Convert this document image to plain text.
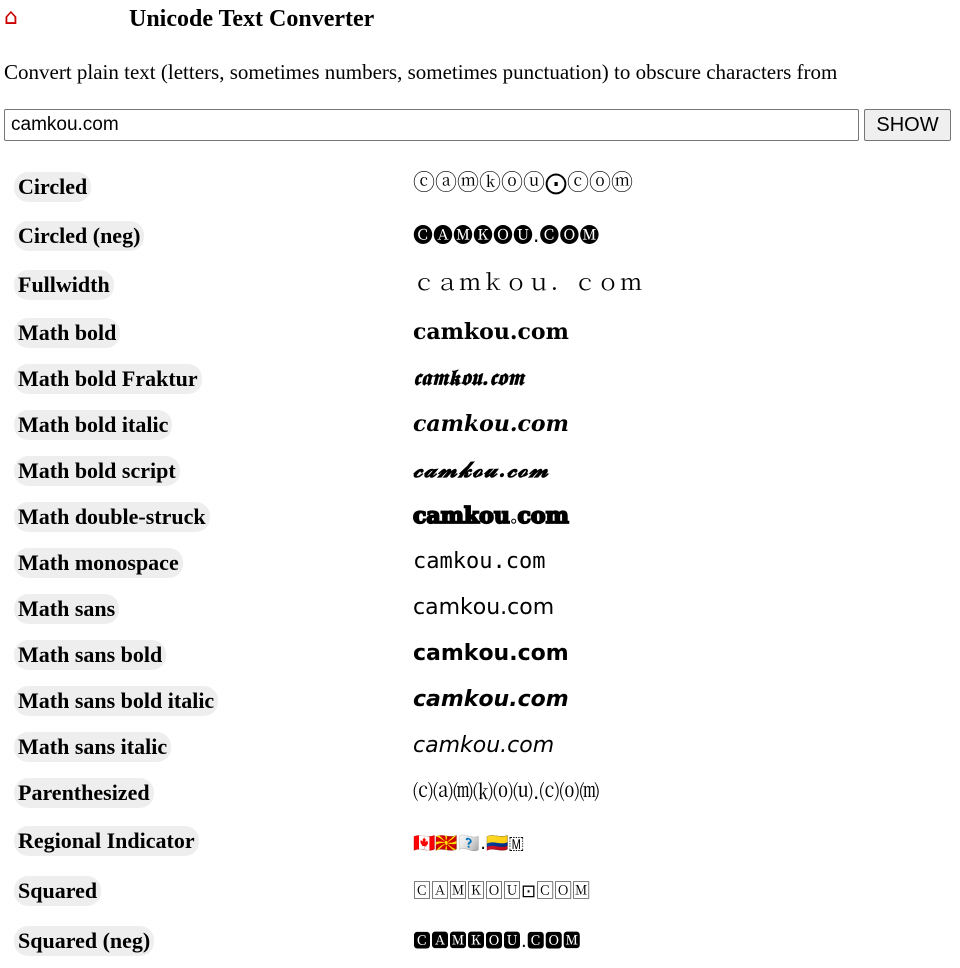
⌂	Unicode Text Converter

Convert plain text (letters, sometimes numbers, sometimes punctuation) to obscure characters from

camkou.com
SHOW
Circled	ⓒⓐⓜⓚⓞⓤ⨀ⓒⓞⓜ
Circled (neg)	🅒🅐🅜🅚🅞🅤.🅒🅞🅜
Fullwidth	ｃａｍｋｏｕ．ｃｏｍ
Math bold	𝐜𝐚𝐦𝐤𝐨𝐮.𝐜𝐨𝐦
Math bold Fraktur	𝖈𝖆𝖒𝖐𝖔𝖚.𝖈𝖔𝖒
Math bold italic	𝒄𝒂𝒎𝒌𝒐𝒖.𝒄𝒐𝒎
Math bold script	𝓬𝓪𝓶𝓴𝓸𝓾.𝓬𝓸𝓶
Math double-struck	𝕔𝕒𝕞𝕜𝕠𝕦.𝕔𝕠𝕞
Math monospace	𝚌𝚊𝚖𝚔𝚘𝚞.𝚌𝚘𝚖
Math sans	𝖼𝖺𝗆𝗄𝗈𝗎.𝖼𝗈𝗆
Math sans bold	𝗰𝗮𝗺𝗸𝗼𝘂.𝗰𝗼𝗺
Math sans bold italic	𝙘𝙖𝙢𝙠𝙤𝙪.𝙘𝙤𝙢
Math sans italic	𝘤𝘢𝘮𝘬𝘰𝘶.𝘤𝘰𝘮
Parenthesized	⒞⒜⒨⒦⒪⒰.⒞⒪⒨
Regional Indicator	🇨🇦🇲🇰🇴🇺.🇨🇴🇲
Squared	🄲🄰🄼🄺🄾🅄⊡🄲🄾🄼
Squared (neg)	🅲🅰🅼🅺🅾🆄.🅲🅾🅼
